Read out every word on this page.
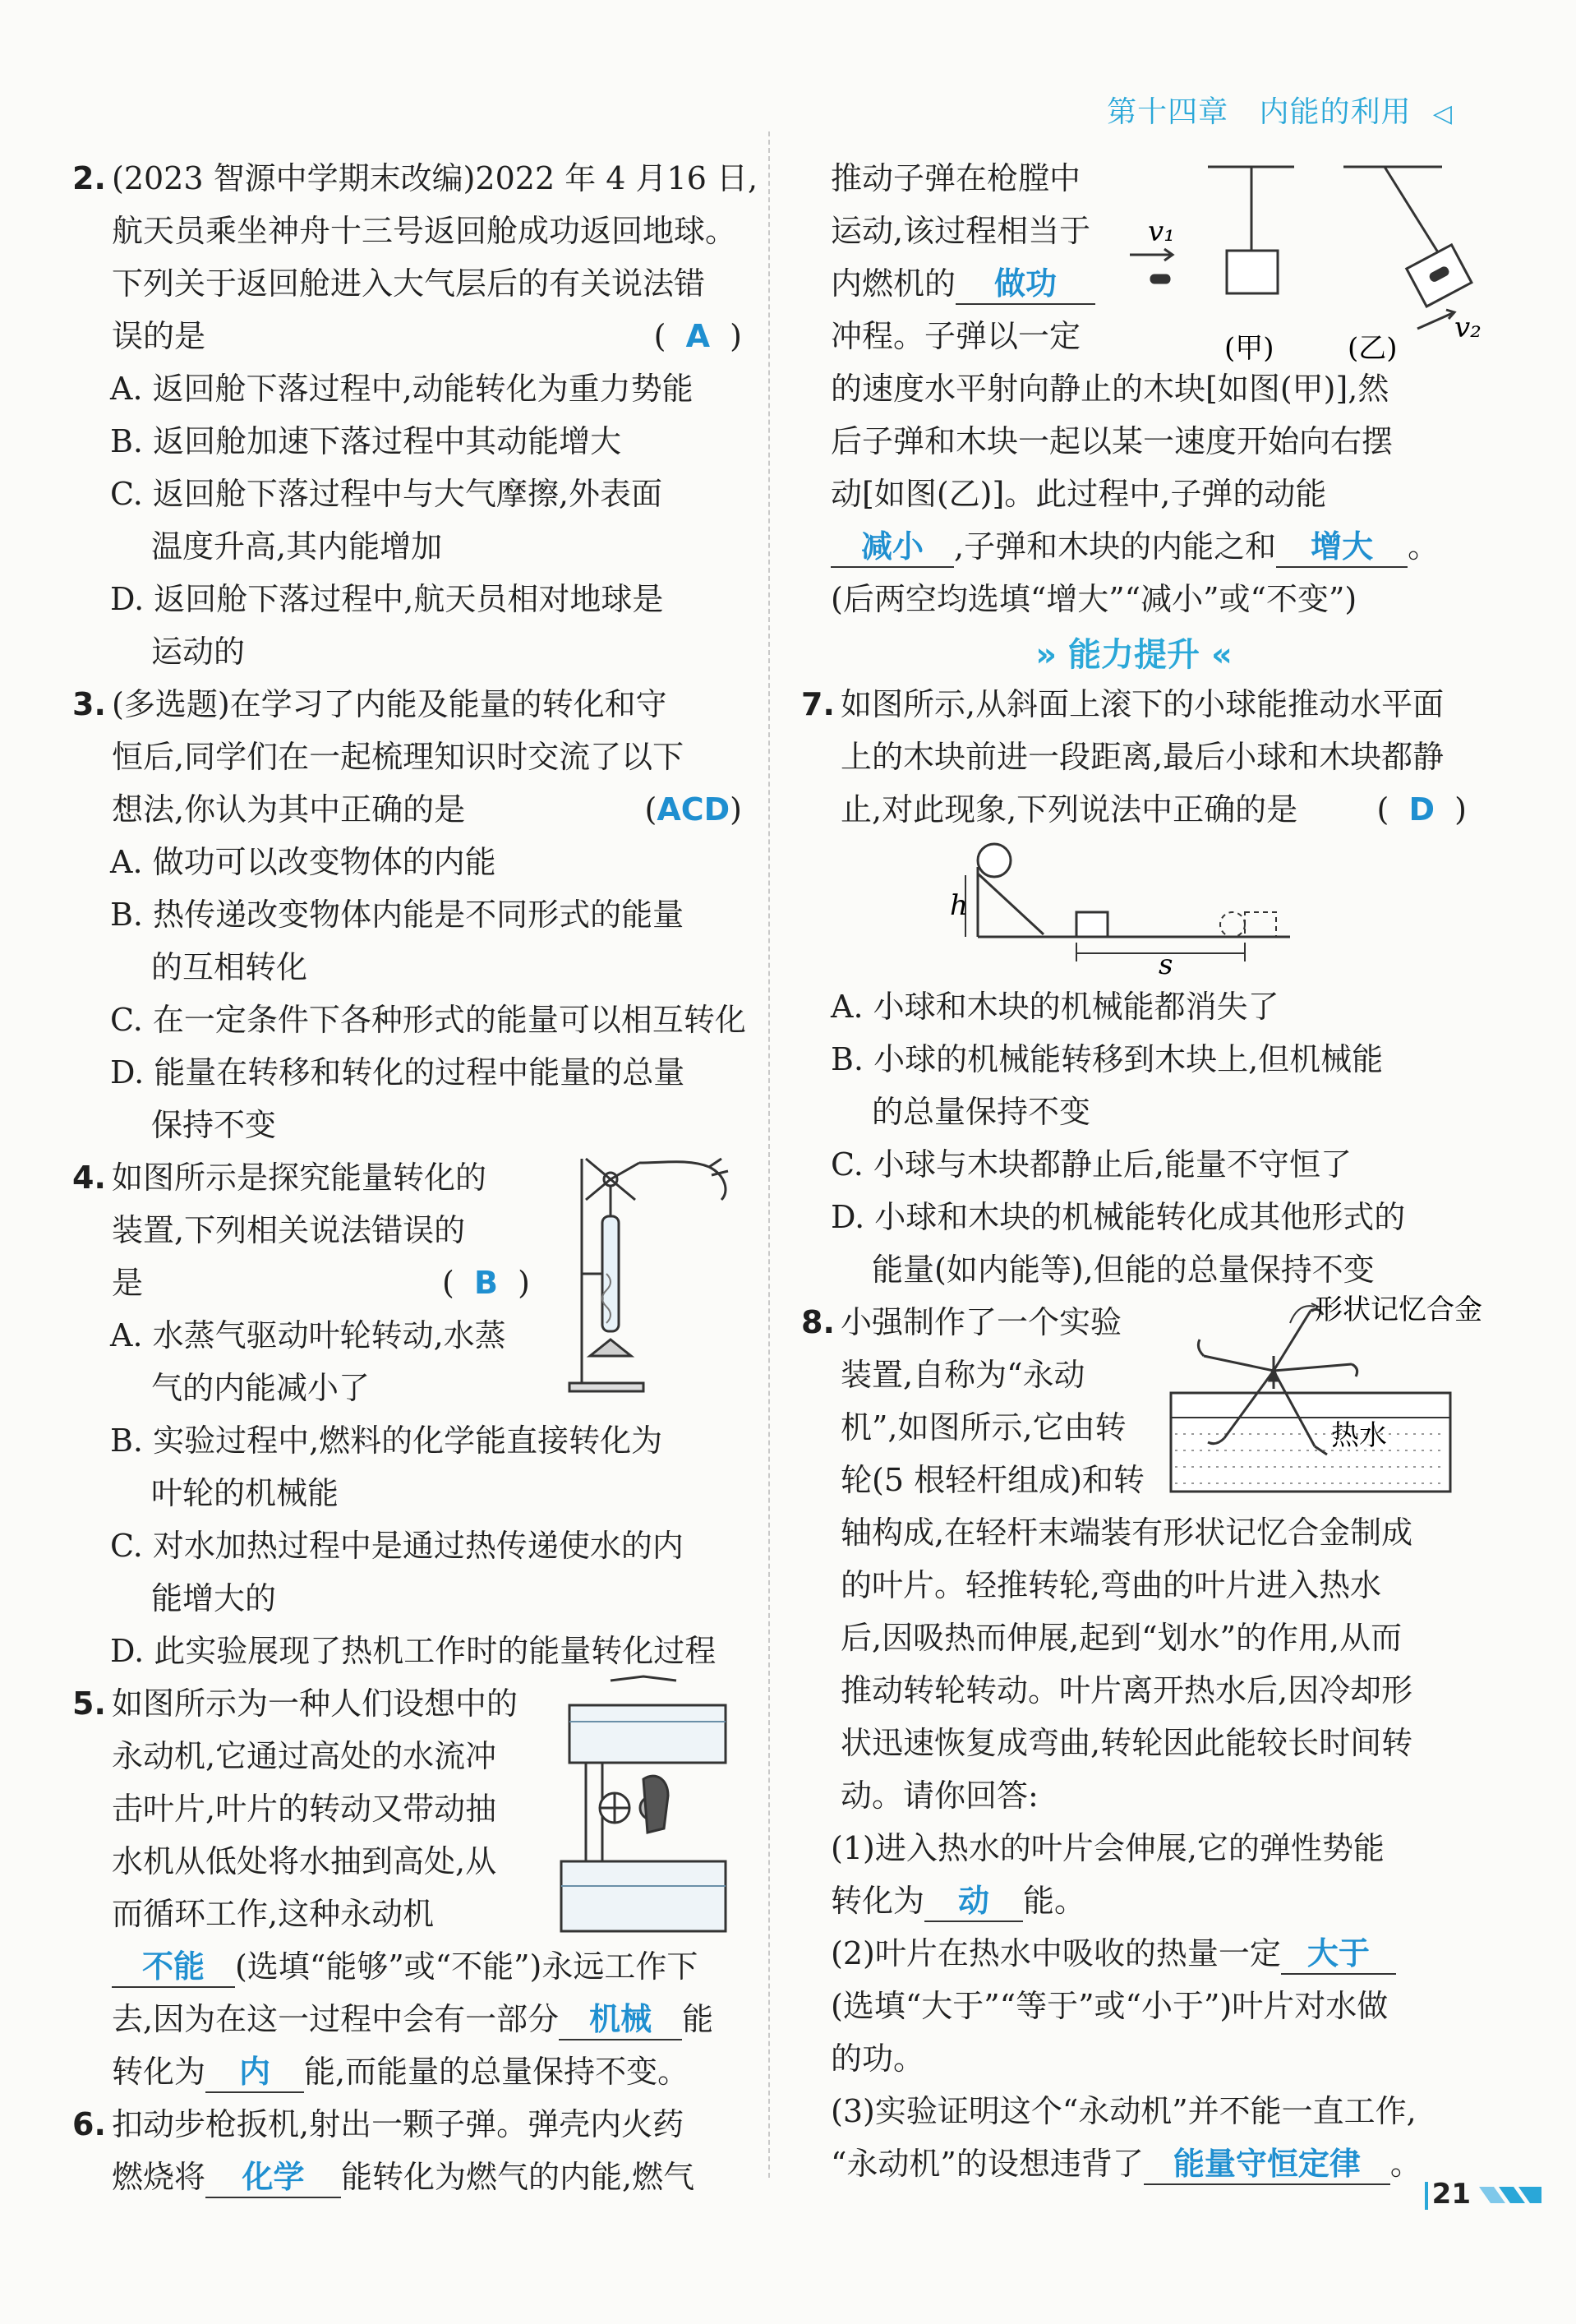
第十四章 内能的利用 ◁
2. (2023 智源中学期末改编)2022 年 4 月16 日,
航天员乘坐神舟十三号返回舱成功返回地球。
下列关于返回舱进入大气层后的有关说法错
误的是	(  A  )
A. 返回舱下落过程中,动能转化为重力势能
B. 返回舱加速下落过程中其动能增大
C. 返回舱下落过程中与大气摩擦,外表面
温度升高,其内能增加
D. 返回舱下落过程中,航天员相对地球是
运动的
3. (多选题)在学习了内能及能量的转化和守
恒后,同学们在一起梳理知识时交流了以下
想法,你认为其中正确的是	(ACD)
A. 做功可以改变物体的内能
B. 热传递改变物体内能是不同形式的能量
的互相转化
C. 在一定条件下各种形式的能量可以相互转化
D. 能量在转移和转化的过程中能量的总量
保持不变
4. 如图所示是探究能量转化的
装置,下列相关说法错误的
是	(  B  )
A. 水蒸气驱动叶轮转动,水蒸
气的内能减小了
B. 实验过程中,燃料的化学能直接转化为
叶轮的机械能
C. 对水加热过程中是通过热传递使水的内
能增大的
D. 此实验展现了热机工作时的能量转化过程
5. 如图所示为一种人们设想中的
永动机,它通过高处的水流冲
击叶片,叶片的转动又带动抽
水机从低处将水抽到高处,从
而循环工作,这种永动机
不能 (选填“能够”或“不能”)永远工作下
去,因为在这一过程中会有一部分 机械 能
转化为 内 能,而能量的总量保持不变。
6. 扣动步枪扳机,射出一颗子弹。弹壳内火药
燃烧将 化学 能转化为燃气的内能,燃气
推动子弹在枪膛中
运动,该过程相当于
内燃机的 做功
冲程。子弹以一定
的速度水平射向静止的木块[如图(甲)],然
后子弹和木块一起以某一速度开始向右摆
动[如图(乙)]。此过程中,子弹的动能
减小 ,子弹和木块的内能之和 增大 。
(后两空均选填“增大”“减小”或“不变”)
v₁
v₂
(甲)	(乙)
» 能力提升 «
7. 如图所示,从斜面上滚下的小球能推动水平面
上的木块前进一段距离,最后小球和木块都静
止,对此现象,下列说法中正确的是	(  D  )
h
s
A. 小球和木块的机械能都消失了
B. 小球的机械能转移到木块上,但机械能
的总量保持不变
C. 小球与木块都静止后,能量不守恒了
D. 小球和木块的机械能转化成其他形式的
能量(如内能等),但能的总量保持不变
8. 小强制作了一个实验
装置,自称为“永动
机”,如图所示,它由转
轮(5 根轻杆组成)和转
轴构成,在轻杆末端装有形状记忆合金制成
的叶片。轻推转轮,弯曲的叶片进入热水
后,因吸热而伸展,起到“划水”的作用,从而
推动转轮转动。叶片离开热水后,因冷却形
状迅速恢复成弯曲,转轮因此能较长时间转
动。请你回答:
形状记忆合金
热水
(1)进入热水的叶片会伸展,它的弹性势能
转化为 动 能。
(2)叶片在热水中吸收的热量一定 大于
(选填“大于”“等于”或“小于”)叶片对水做
的功。
(3)实验证明这个“永动机”并不能一直工作,
“永动机”的设想违背了 能量守恒定律 。
21
